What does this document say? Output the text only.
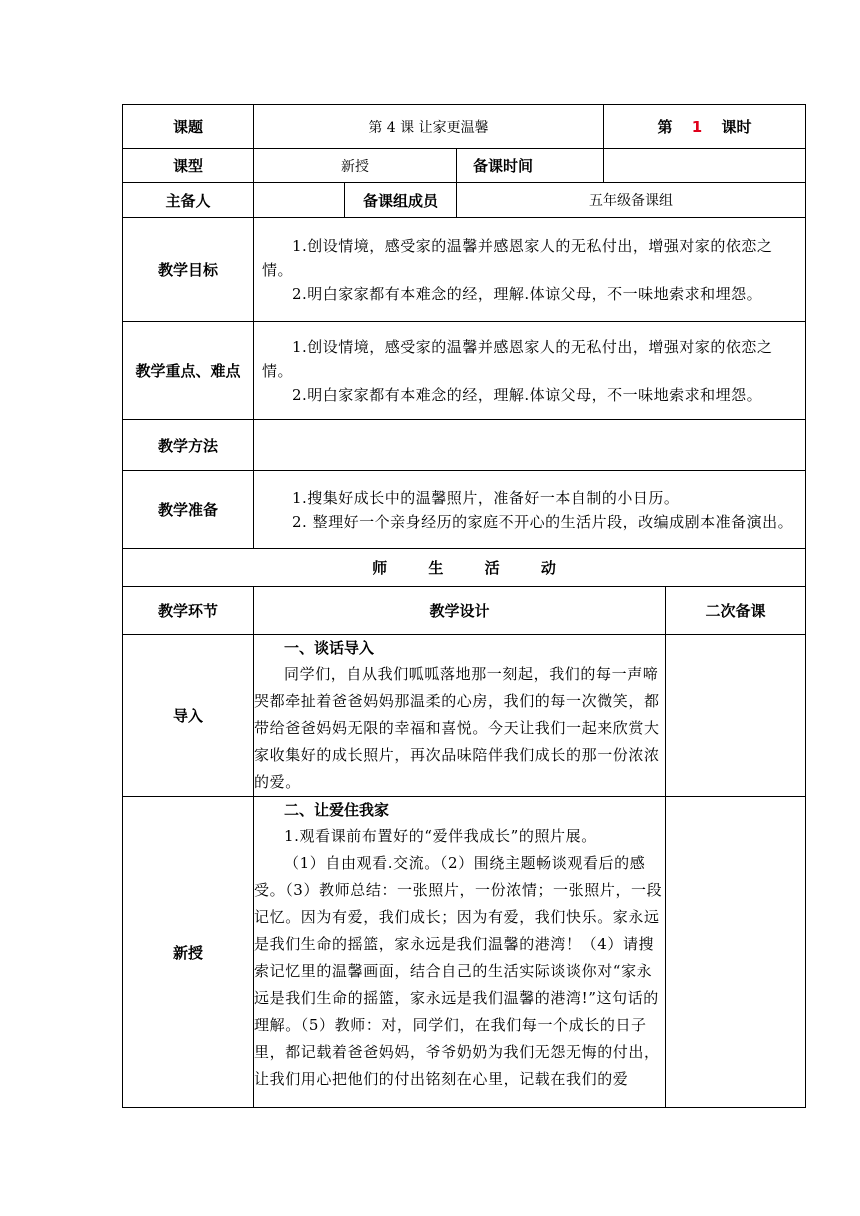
课题	第 4 课 让家更温馨			第 1 课时	
课型	新授		备课时间		
主备人		备课组成员	五年级备课组		
教学目标	1.创设情境，感受家的温馨并感恩家人的无私付出，增强对家的依恋之情。

2.明白家家都有本难念的经，理解.体谅父母，不一味地索求和埋怨。				

教学重点、难点	1.创设情境，感受家的温馨并感恩家人的无私付出，增强对家的依恋之情。

2.明白家家都有本难念的经，理解.体谅父母，不一味地索求和埋怨。				

教学方法					
教学准备	1.搜集好成长中的温馨照片，准备好一本自制的小日历。

2. 整理好一个亲身经历的家庭不开心的生活片段，改编成剧本准备演出。				

师 生 活 动					
教学环节	教学设计				二次备课
导入	一、谈话导入

同学们，自从我们呱呱落地那一刻起，我们的每一声啼哭都牵扯着爸爸妈妈那温柔的心房，我们的每一次微笑，都带给爸爸妈妈无限的幸福和喜悦。今天让我们一起来欣赏大家收集好的成长照片，再次品味陪伴我们成长的那一份浓浓的爱。				

新授	二、让爱住我家

1.观看课前布置好的“爱伴我成长”的照片展。

（1）自由观看.交流。（2）围绕主题畅谈观看后的感受。（3）教师总结：一张照片，一份浓情；一张照片，一段记忆。因为有爱，我们成长；因为有爱，我们快乐。家永远是我们生命的摇篮，家永远是我们温馨的港湾！（4）请搜索记忆里的温馨画面，结合自己的生活实际谈谈你对“家永远是我们生命的摇篮，家永远是我们温馨的港湾!”这句话的理解。（5）教师：对，同学们，在我们每一个成长的日子里，都记载着爸爸妈妈，爷爷奶奶为我们无怨无悔的付出，让我们用心把他们的付出铭刻在心里，记载在我们的爱				
